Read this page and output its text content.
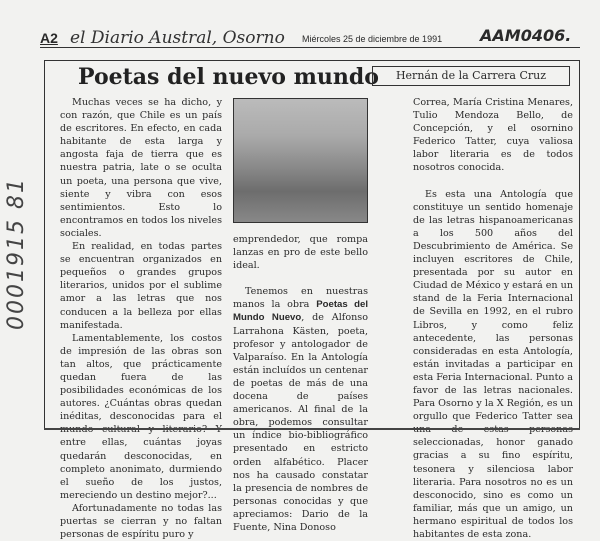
A2 el Diario Austral, Osorno Miércoles 25 de diciembre de 1991 AAM0406.
0001915 81
Poetas del nuevo mundo	Hernán de la Carrera Cruz

Muchas veces se ha dicho, y con razón, que Chile es un país de escritores. En efecto, en cada habitante de esta larga y angosta faja de tierra que es nuestra patria, late o se oculta un poeta, una persona que vive, siente y vibra con esos sentimientos. Esto lo encontramos en todos los niveles sociales.

En realidad, en todas partes se encuentran organizados en pequeños o grandes grupos literarios, unidos por el sublime amor a las letras que nos conducen a la belleza por ellas manifestada.

Lamentablemente, los costos de impresión de las obras son tan altos, que prácticamente quedan fuera de las posibilidades económicas de los autores. ¿Cuántas obras quedan inéditas, desconocidas para el mundo cultural y literario? Y entre ellas, cuántas joyas quedarán desconocidas, en completo anonimato, durmiendo el sueño de los justos, mereciendo un destino mejor?...

Afortunadamente no todas las puertas se cierran y no faltan personas de espíritu puro y

emprendedor, que rompa lanzas en pro de este bello ideal.

Tenemos en nuestras manos la obra Poetas del Mundo Nuevo, de Alfonso Larrahona Kästen, poeta, profesor y antologador de Valparaíso. En la Antología están incluídos un centenar de poetas de más de una docena de países americanos. Al final de la obra, podemos consultar un índice bio-bibliográfico presentado en estricto orden alfabético. Placer nos ha causado constatar la presencia de nombres de personas conocidas y que apreciamos: Dario de la Fuente, Nina Donoso

Correa, María Cristina Menares, Tulio Mendoza Bello, de Concepción, y el osornino Federico Tatter, cuya valiosa labor literaria es de todos nosotros conocida.

Es esta una Antología que constituye un sentido homenaje de las letras hispanoamericanas a los 500 años del Descubrimiento de América. Se incluyen escritores de Chile, presentada por su autor en Ciudad de México y estará en un stand de la Feria Internacional de Sevilla en 1992, en el rubro Libros, y como feliz antecedente, las personas consideradas en esta Antología, están invitadas a participar en esta Feria Internacional. Punto a favor de las letras nacionales. Para Osorno y la X Región, es un orgullo que Federico Tatter sea una de estas personas seleccionadas, honor ganado gracias a su fino espíritu, tesonera y silenciosa labor literaria. Para nosotros no es un desconocido, sino es como un familiar, más que un amigo, un hermano espiritual de todos los habitantes de esta zona.
